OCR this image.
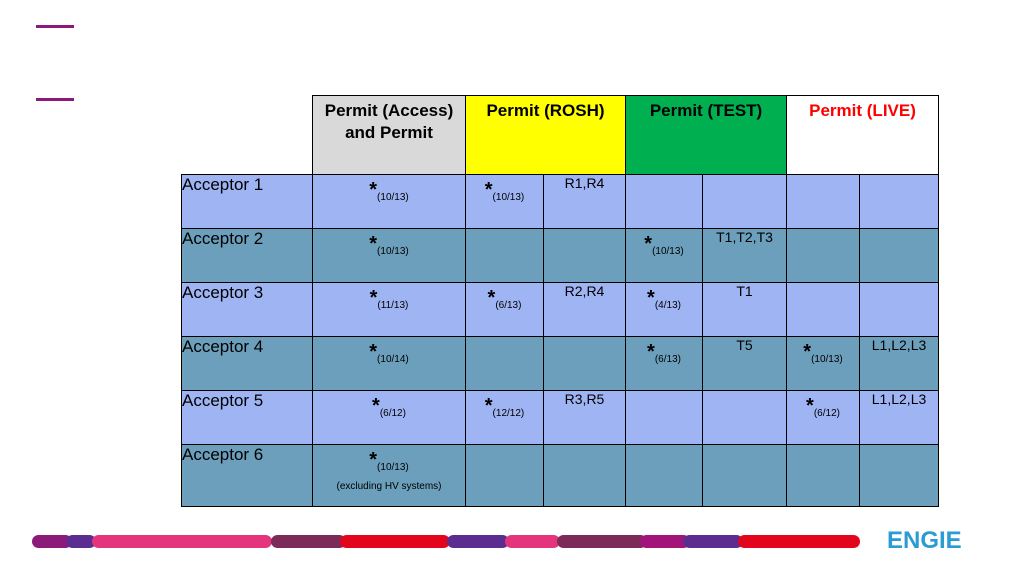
	Permit (Access) and Permit	Permit (ROSH)		Permit (TEST)		Permit (LIVE)	
Acceptor 1	$*_{(10/13)}$	$*_{(10/13)}$	R1,R4	

Acceptor 2	$*_{(10/13)}$			$*_{(10/13)}$	T1,T2,T3	

Acceptor 3	$*_{(11/13)}$	$*_{(6/13)}$	R2,R4	$*_{(4/13)}$	T1	

Acceptor 4	$*_{(10/14)}$			$*_{(6/13)}$	T5	$*_{(10/13)}$	L1,L2,L3
Acceptor 5	$*_{(6/12)}$	$*_{(12/12)}$	R3,R5			$*_{(6/12)}$	L1,L2,L3
Acceptor 6	$*_{(10/13)}$
(excluding HV systems)						

ENGIE
